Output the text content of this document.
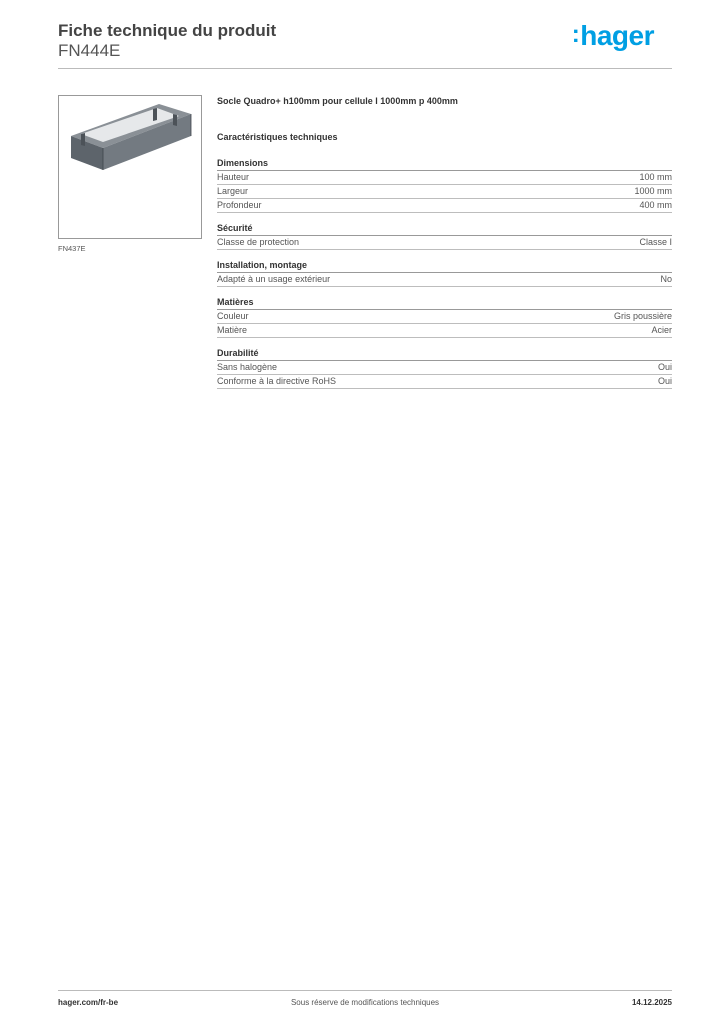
Fiche technique du produit
FN444E
:hager
FN437E
Socle Quadro+ h100mm pour cellule l 1000mm p 400mm
Caractéristiques techniques
Dimensions
Hauteur	100 mm
Largeur	1000 mm
Profondeur	400 mm
Sécurité
Classe de protection	Classe I
Installation, montage
Adapté à un usage extérieur	No
Matières
Couleur	Gris poussière
Matière	Acier
Durabilité
Sans halogène	Oui
Conforme à la directive RoHS	Oui
hager.com/fr-be	Sous réserve de modifications techniques	14.12.2025
